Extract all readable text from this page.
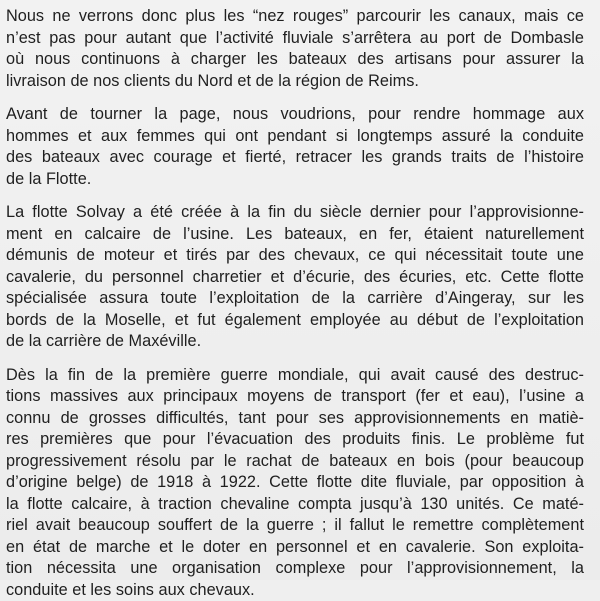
Nous ne verrons donc plus les “nez rouges” parcourir les canaux, mais ce
n’est pas pour autant que l’activité fluviale s’arrêtera au port de Dombasle
où nous continuons à charger les bateaux des artisans pour assurer la
livraison de nos clients du Nord et de la région de Reims.

Avant de tourner la page, nous voudrions, pour rendre hommage aux
hommes et aux femmes qui ont pendant si longtemps assuré la conduite
des bateaux avec courage et fierté, retracer les grands traits de l’histoire
de la Flotte.

La flotte Solvay a été créée à la fin du siècle dernier pour l’approvisionne-
ment en calcaire de l’usine. Les bateaux, en fer, étaient naturellement
démunis de moteur et tirés par des chevaux, ce qui nécessitait toute une
cavalerie, du personnel charretier et d’écurie, des écuries, etc. Cette flotte
spécialisée assura toute l’exploitation de la carrière d’Aingeray, sur les
bords de la Moselle, et fut également employée au début de l’exploitation
de la carrière de Maxéville.

Dès la fin de la première guerre mondiale, qui avait causé des destruc-
tions massives aux principaux moyens de transport (fer et eau), l’usine a
connu de grosses difficultés, tant pour ses approvisionnements en matiè-
res premières que pour l’évacuation des produits finis. Le problème fut
progressivement résolu par le rachat de bateaux en bois (pour beaucoup
d’origine belge) de 1918 à 1922. Cette flotte dite fluviale, par opposition à
la flotte calcaire, à traction chevaline compta jusqu’à 130 unités. Ce maté-
riel avait beaucoup souffert de la guerre ; il fallut le remettre complètement
en état de marche et le doter en personnel et en cavalerie. Son exploita-
tion nécessita une organisation complexe pour l’approvisionnement, la
conduite et les soins aux chevaux.
